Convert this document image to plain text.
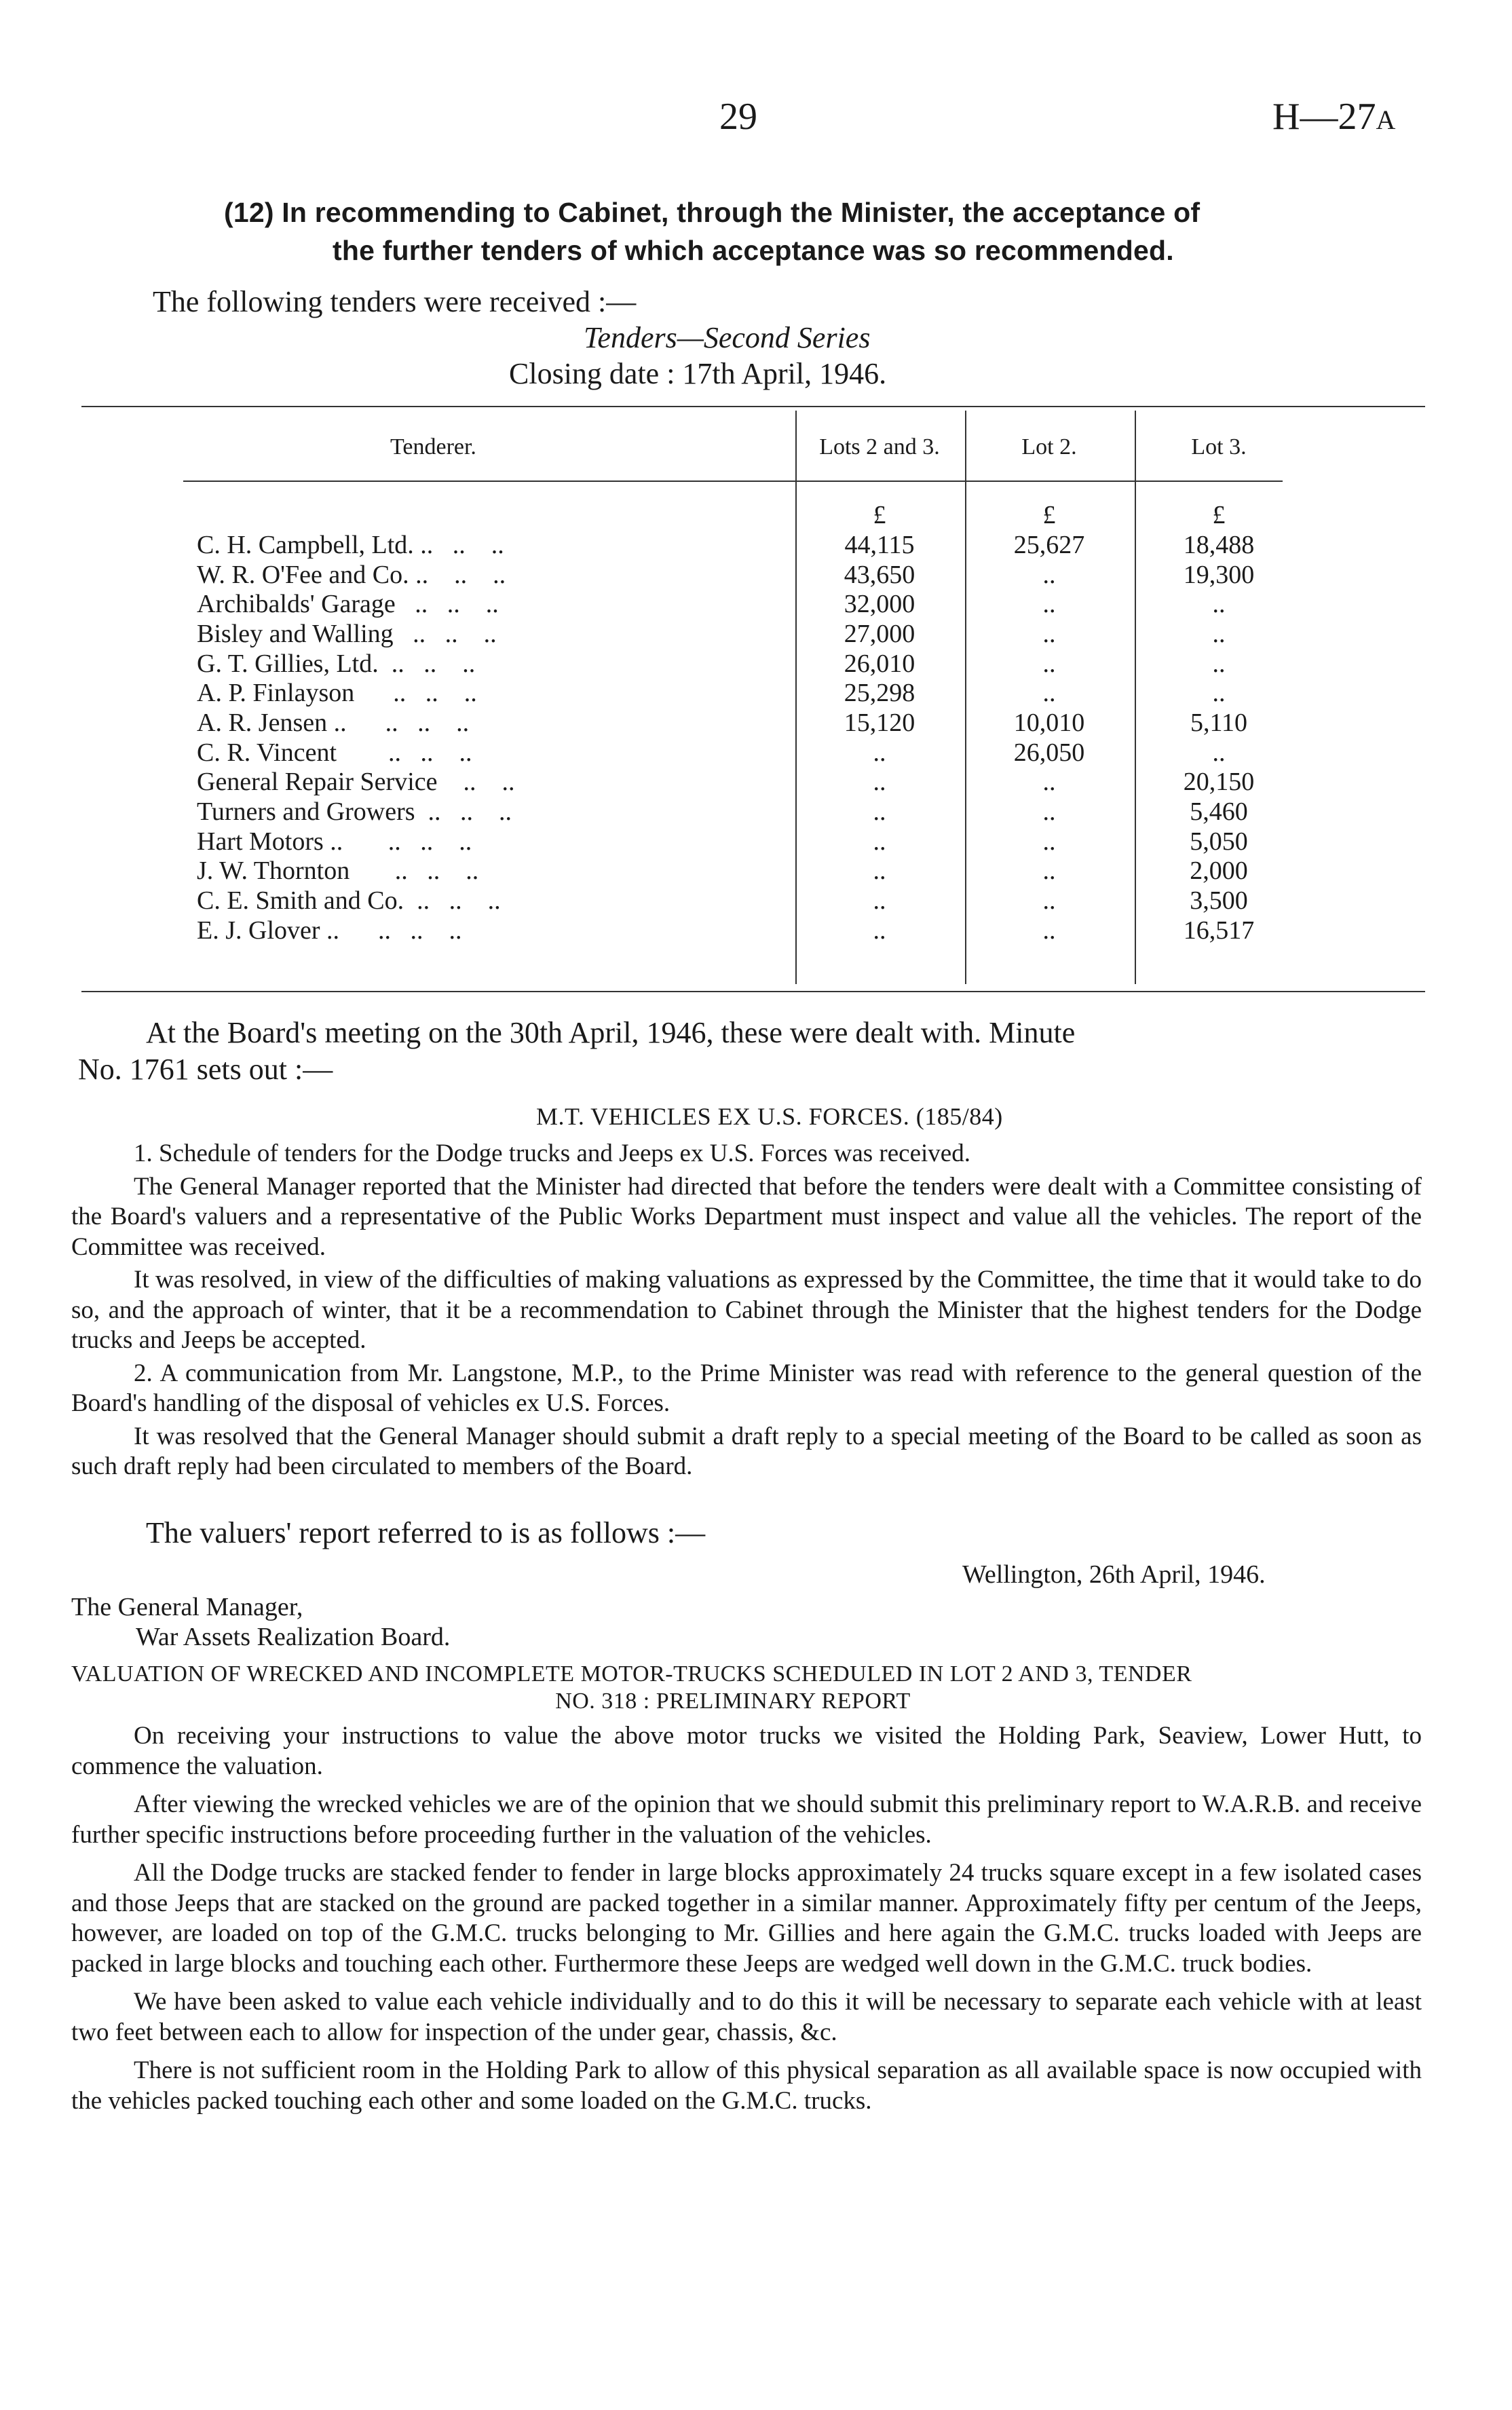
29	H—27A
(12) In recommending to Cabinet, through the Minister, the acceptance of
the further tenders of which acceptance was so recommended.
The following tenders were received :—
Tenders—Second Series
Closing date : 17th April, 1946.
Tenderer.	Lots 2 and 3.	Lot 2.	Lot 3.
£	£	£
C. H. Campbell, Ltd. ..   ..    ..	44,115	25,627	18,488
W. R. O'Fee and Co. ..    ..    ..	43,650	..	19,300
Archibalds' Garage   ..   ..    ..	32,000	..	..
Bisley and Walling   ..   ..    ..	27,000	..	..
G. T. Gillies, Ltd.  ..   ..    ..	26,010	..	..
A. P. Finlayson      ..   ..    ..	25,298	..	..
A. R. Jensen ..      ..   ..    ..	15,120	10,010	5,110
C. R. Vincent        ..   ..    ..	..	26,050	..
General Repair Service    ..    ..	..	..	20,150
Turners and Growers  ..   ..    ..	..	..	5,460
Hart Motors ..       ..   ..    ..	..	..	5,050
J. W. Thornton       ..   ..    ..	..	..	2,000
C. E. Smith and Co.  ..   ..    ..	..	..	3,500
E. J. Glover ..      ..   ..    ..	..	..	16,517
At the Board's meeting on the 30th April, 1946, these were dealt with. Minute
No. 1761 sets out :—
M.T. VEHICLES EX U.S. FORCES. (185/84)
1. Schedule of tenders for the Dodge trucks and Jeeps ex U.S. Forces was received.
The General Manager reported that the Minister had directed that before the tenders were dealt with a Committee consisting of the Board's valuers and a representative of the Public Works Department must inspect and value all the vehicles. The report of the Committee was received.
It was resolved, in view of the difficulties of making valuations as expressed by the Committee, the time that it would take to do so, and the approach of winter, that it be a recommendation to Cabinet through the Minister that the highest tenders for the Dodge trucks and Jeeps be accepted.
2. A communication from Mr. Langstone, M.P., to the Prime Minister was read with reference to the general question of the Board's handling of the disposal of vehicles ex U.S. Forces.
It was resolved that the General Manager should submit a draft reply to a special meeting of the Board to be called as soon as such draft reply had been circulated to members of the Board.
The valuers' report referred to is as follows :—
Wellington, 26th April, 1946.
The General Manager,
War Assets Realization Board.
VALUATION OF WRECKED AND INCOMPLETE MOTOR-TRUCKS SCHEDULED IN LOT 2 AND 3, TENDER
NO. 318 : PRELIMINARY REPORT
On receiving your instructions to value the above motor trucks we visited the Holding Park, Seaview, Lower Hutt, to commence the valuation.
After viewing the wrecked vehicles we are of the opinion that we should submit this preliminary report to W.A.R.B. and receive further specific instructions before proceeding further in the valuation of the vehicles.
All the Dodge trucks are stacked fender to fender in large blocks approximately 24 trucks square except in a few isolated cases and those Jeeps that are stacked on the ground are packed together in a similar manner. Approximately fifty per centum of the Jeeps, however, are loaded on top of the G.M.C. trucks belonging to Mr. Gillies and here again the G.M.C. trucks loaded with Jeeps are packed in large blocks and touching each other. Furthermore these Jeeps are wedged well down in the G.M.C. truck bodies.
We have been asked to value each vehicle individually and to do this it will be necessary to separate each vehicle with at least two feet between each to allow for inspection of the under gear, chassis, &c.
There is not sufficient room in the Holding Park to allow of this physical separation as all available space is now occupied with the vehicles packed touching each other and some loaded on the G.M.C. trucks.
